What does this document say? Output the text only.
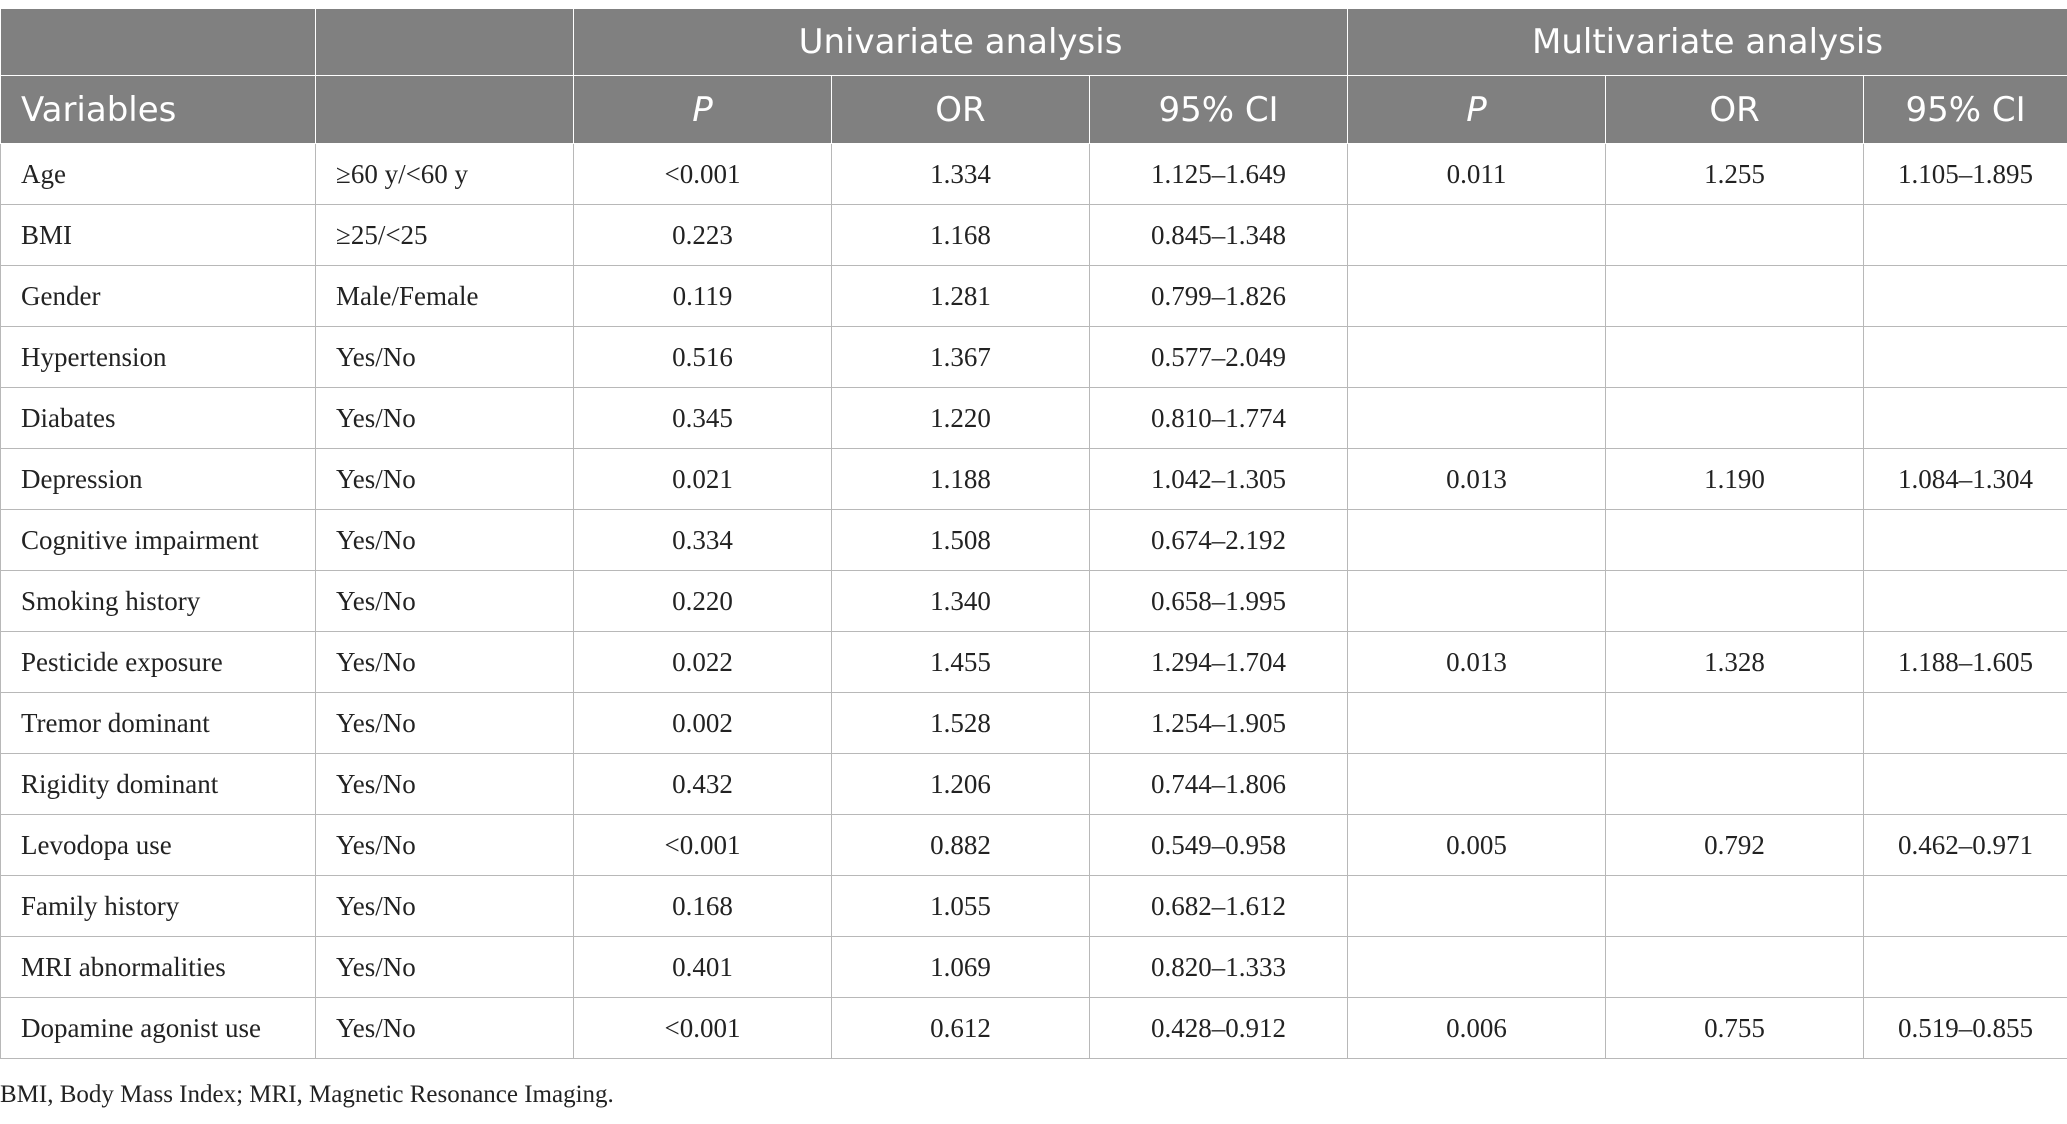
		Univariate analysis			Multivariate analysis		
Variables		P	OR	95% CI	P	OR	95% CI
Age	≥60 y/<60 y	<0.001	1.334	1.125–1.649	0.011	1.255	1.105–1.895
BMI	≥25/<25	0.223	1.168	0.845–1.348			
Gender	Male/Female	0.119	1.281	0.799–1.826			
Hypertension	Yes/No	0.516	1.367	0.577–2.049			
Diabates	Yes/No	0.345	1.220	0.810–1.774			
Depression	Yes/No	0.021	1.188	1.042–1.305	0.013	1.190	1.084–1.304
Cognitive impairment	Yes/No	0.334	1.508	0.674–2.192			
Smoking history	Yes/No	0.220	1.340	0.658–1.995			
Pesticide exposure	Yes/No	0.022	1.455	1.294–1.704	0.013	1.328	1.188–1.605
Tremor dominant	Yes/No	0.002	1.528	1.254–1.905			
Rigidity dominant	Yes/No	0.432	1.206	0.744–1.806			
Levodopa use	Yes/No	<0.001	0.882	0.549–0.958	0.005	0.792	0.462–0.971
Family history	Yes/No	0.168	1.055	0.682–1.612			
MRI abnormalities	Yes/No	0.401	1.069	0.820–1.333			
Dopamine agonist use	Yes/No	<0.001	0.612	0.428–0.912	0.006	0.755	0.519–0.855
BMI, Body Mass Index; MRI, Magnetic Resonance Imaging.
